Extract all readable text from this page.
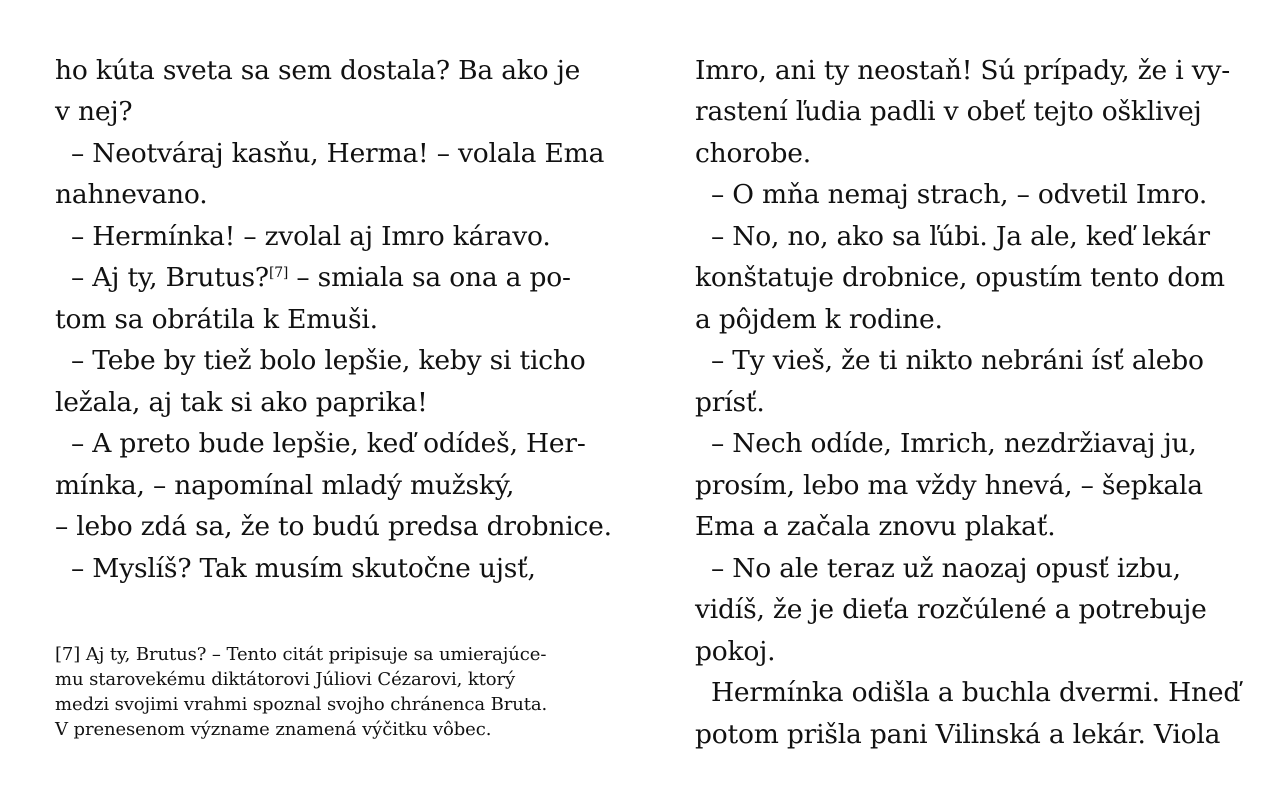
ho kúta sveta sa sem dostala? Ba ako je
v nej?
– Neotváraj kasňu, Herma! – volala Ema
nahnevano.
– Hermínka! – zvolal aj Imro káravo.
– Aj ty, Brutus?[7] – smiala sa ona a po-
tom sa obrátila k Emuši.
– Tebe by tiež bolo lepšie, keby si ticho
ležala, aj tak si ako paprika!
– A preto bude lepšie, keď odídeš, Her-
mínka, – napomínal mladý mužský,
– lebo zdá sa, že to budú predsa drobnice.
– Myslíš? Tak musím skutočne ujsť,
[7] Aj ty, Brutus? – Tento citát pripisuje sa umierajúce-
mu starovekému diktátorovi Júliovi Cézarovi, ktorý
medzi svojimi vrahmi spoznal svojho chránenca Bruta.
V prenesenom význame znamená výčitku vôbec.
Imro, ani ty neostaň! Sú prípady, že i vy-
rastení ľudia padli v obeť tejto ošklivej
chorobe.
– O mňa nemaj strach, – odvetil Imro.
– No, no, ako sa ľúbi. Ja ale, keď lekár
konštatuje drobnice, opustím tento dom
a pôjdem k rodine.
– Ty vieš, že ti nikto nebráni ísť alebo
prísť.
– Nech odíde, Imrich, nezdržiavaj ju,
prosím, lebo ma vždy hnevá, – šepkala
Ema a začala znovu plakať.
– No ale teraz už naozaj opusť izbu,
vidíš, že je dieťa rozčúlené a potrebuje
pokoj.
Hermínka odišla a buchla dvermi. Hneď
potom prišla pani Vilinská a lekár. Viola
